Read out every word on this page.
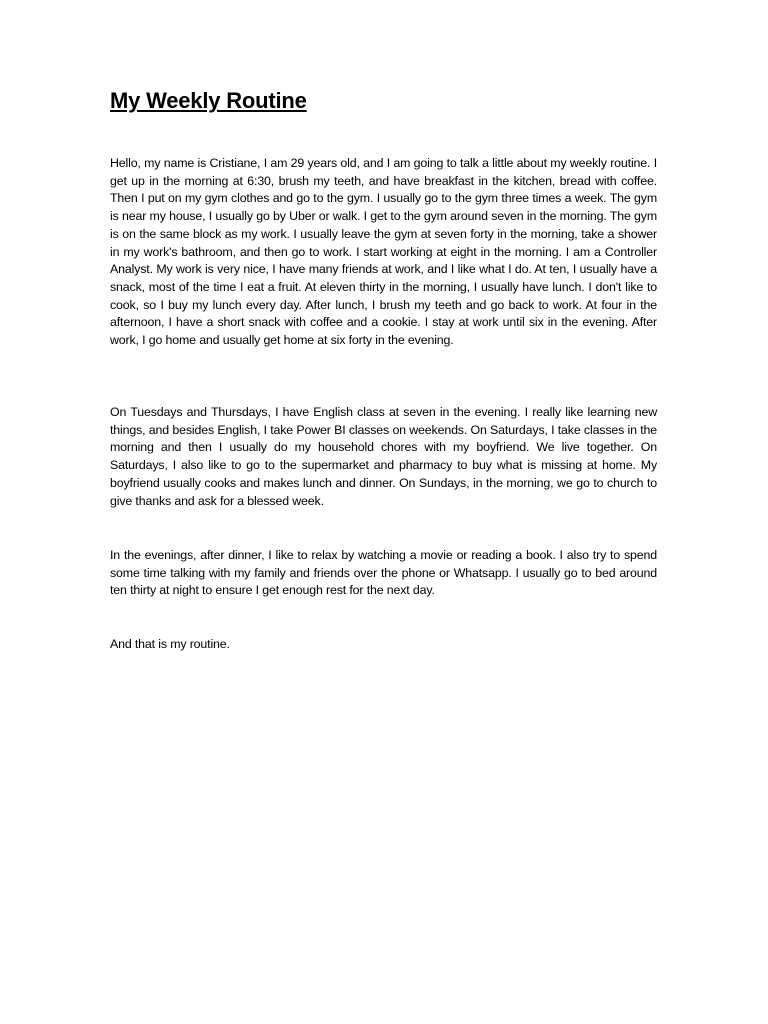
My Weekly Routine

Hello, my name is Cristiane, I am 29 years old, and I am going to talk a little about my weekly routine. I get up in the morning at 6:30, brush my teeth, and have breakfast in the kitchen, bread with coffee. Then I put on my gym clothes and go to the gym. I usually go to the gym three times a week. The gym is near my house, I usually go by Uber or walk. I get to the gym around seven in the morning. The gym is on the same block as my work. I usually leave the gym at seven forty in the morning, take a shower in my work's bathroom, and then go to work. I start working at eight in the morning. I am a Controller Analyst. My work is very nice, I have many friends at work, and I like what I do. At ten, I usually have a snack, most of the time I eat a fruit. At eleven thirty in the morning, I usually have lunch. I don't like to cook, so I buy my lunch every day. After lunch, I brush my teeth and go back to work. At four in the afternoon, I have a short snack with coffee and a cookie. I stay at work until six in the evening. After work, I go home and usually get home at six forty in the evening.

On Tuesdays and Thursdays, I have English class at seven in the evening. I really like learning new things, and besides English, I take Power BI classes on weekends. On Saturdays, I take classes in the morning and then I usually do my household chores with my boyfriend. We live together. On Saturdays, I also like to go to the supermarket and pharmacy to buy what is missing at home. My boyfriend usually cooks and makes lunch and dinner. On Sundays, in the morning, we go to church to give thanks and ask for a blessed week.

In the evenings, after dinner, I like to relax by watching a movie or reading a book. I also try to spend some time talking with my family and friends over the phone or Whatsapp. I usually go to bed around ten thirty at night to ensure I get enough rest for the next day.

And that is my routine.
